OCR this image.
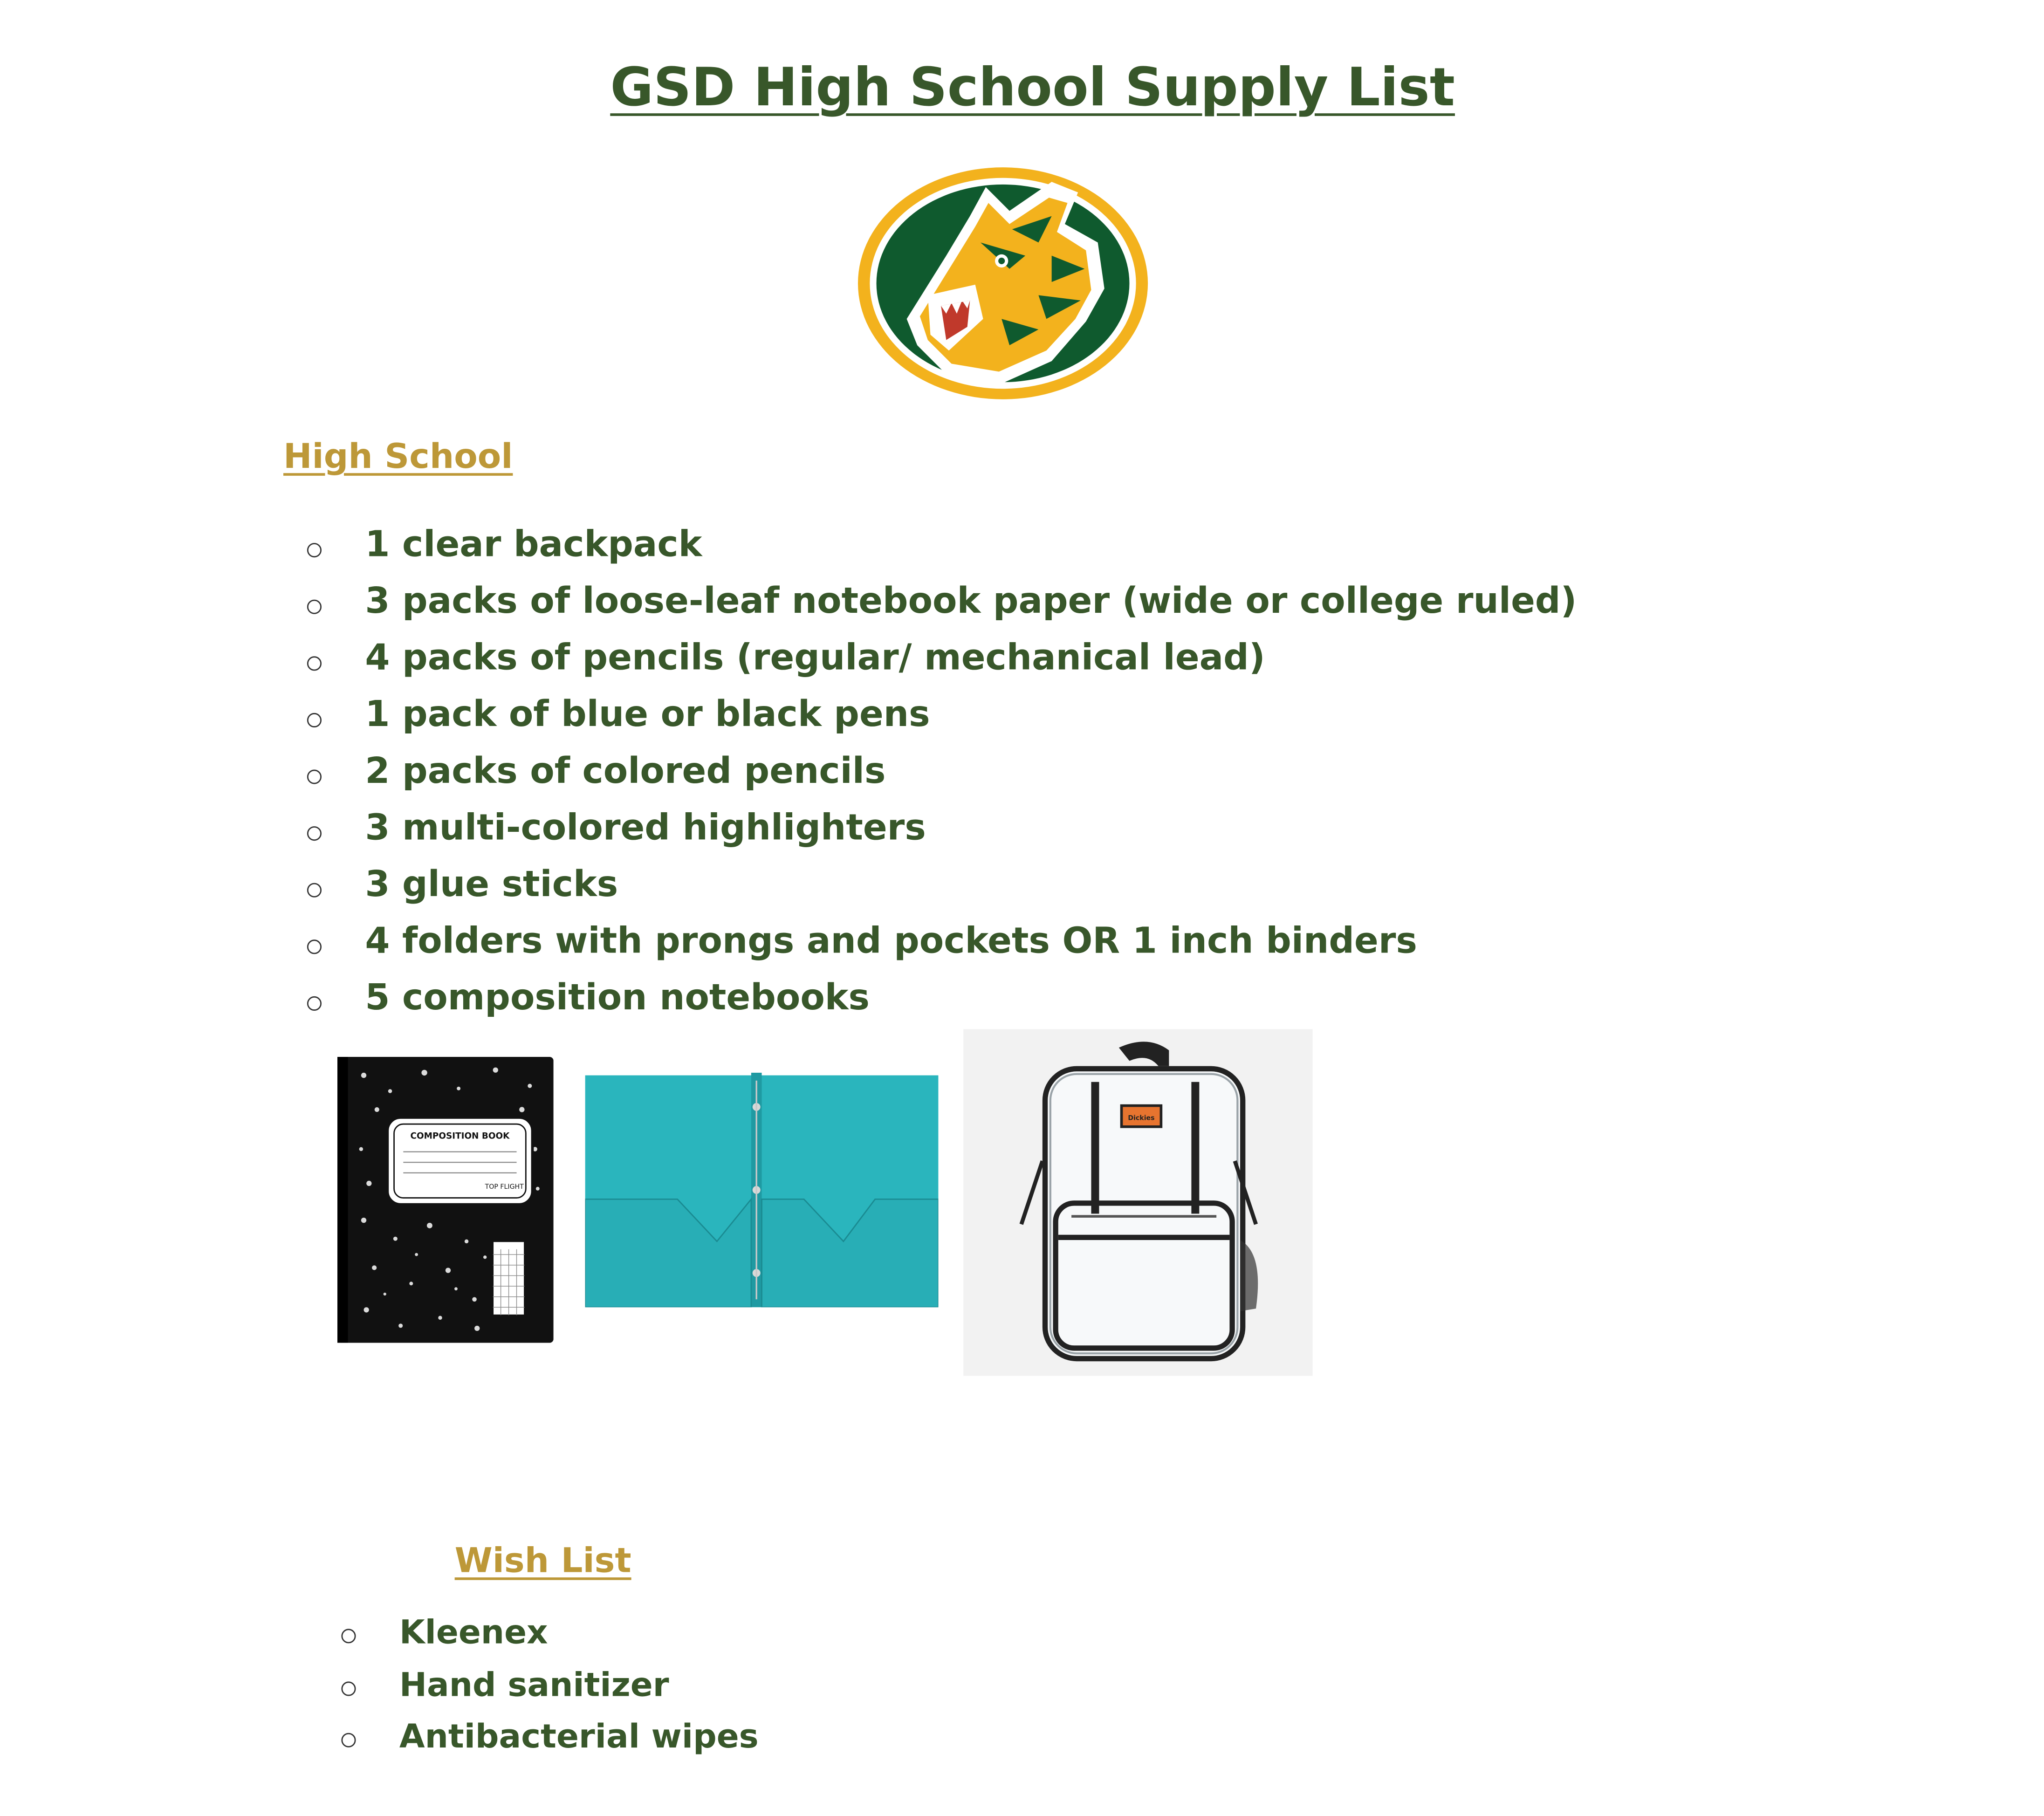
GSD High School Supply List
High School
1 clear backpack
3 packs of loose-leaf notebook paper (wide or college ruled)
4 packs of pencils (regular/ mechanical lead)
1 pack of blue or black pens
2 packs of colored pencils
3 multi-colored highlighters
3 glue sticks
4 folders with prongs and pockets OR 1 inch binders
5 composition notebooks
COMPOSITION BOOK
TOP FLIGHT
Dickies
Wish List
Kleenex
Hand sanitizer
Antibacterial wipes
